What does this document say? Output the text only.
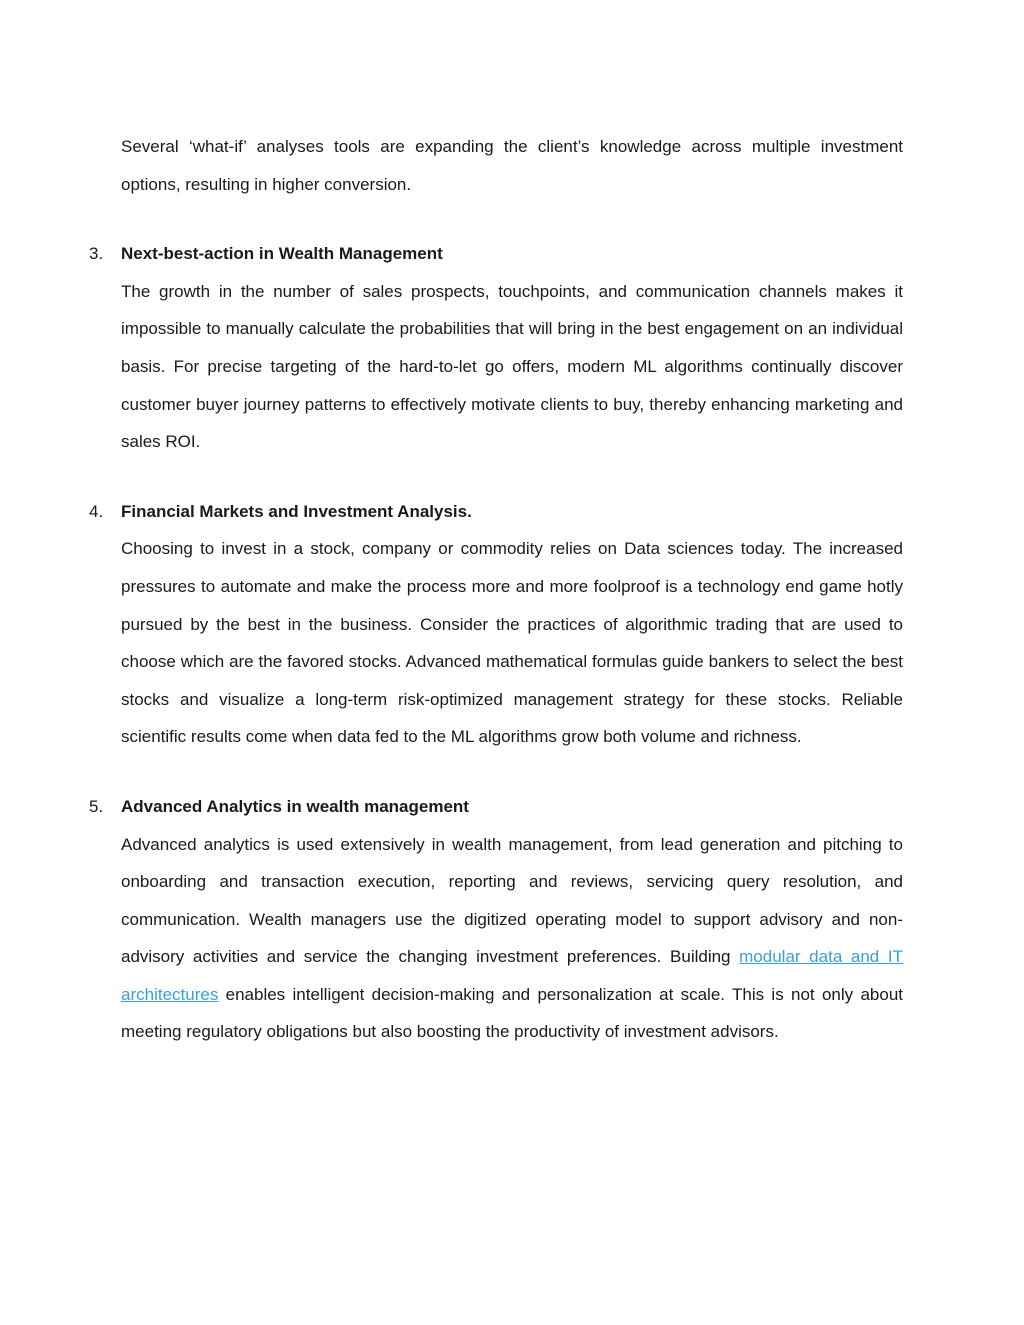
Several ‘what-if’ analyses tools are expanding the client’s knowledge across multiple investment options, resulting in higher conversion.

3. Next-best-action in Wealth Management

The growth in the number of sales prospects, touchpoints, and communication channels makes it impossible to manually calculate the probabilities that will bring in the best engagement on an individual basis. For precise targeting of the hard-to-let go offers, modern ML algorithms continually discover customer buyer journey patterns to effectively motivate clients to buy, thereby enhancing marketing and sales ROI.

4. Financial Markets and Investment Analysis.

Choosing to invest in a stock, company or commodity relies on Data sciences today. The increased pressures to automate and make the process more and more foolproof is a technology end game hotly pursued by the best in the business. Consider the practices of algorithmic trading that are used to choose which are the favored stocks. Advanced mathematical formulas guide bankers to select the best stocks and visualize a long-term risk-optimized management strategy for these stocks. Reliable scientific results come when data fed to the ML algorithms grow both volume and richness.

5. Advanced Analytics in wealth management

Advanced analytics is used extensively in wealth management, from lead generation and pitching to onboarding and transaction execution, reporting and reviews, servicing query resolution, and communication. Wealth managers use the digitized operating model to support advisory and non-advisory activities and service the changing investment preferences. Building modular data and IT architectures enables intelligent decision-making and personalization at scale. This is not only about meeting regulatory obligations but also boosting the productivity of investment advisors.
